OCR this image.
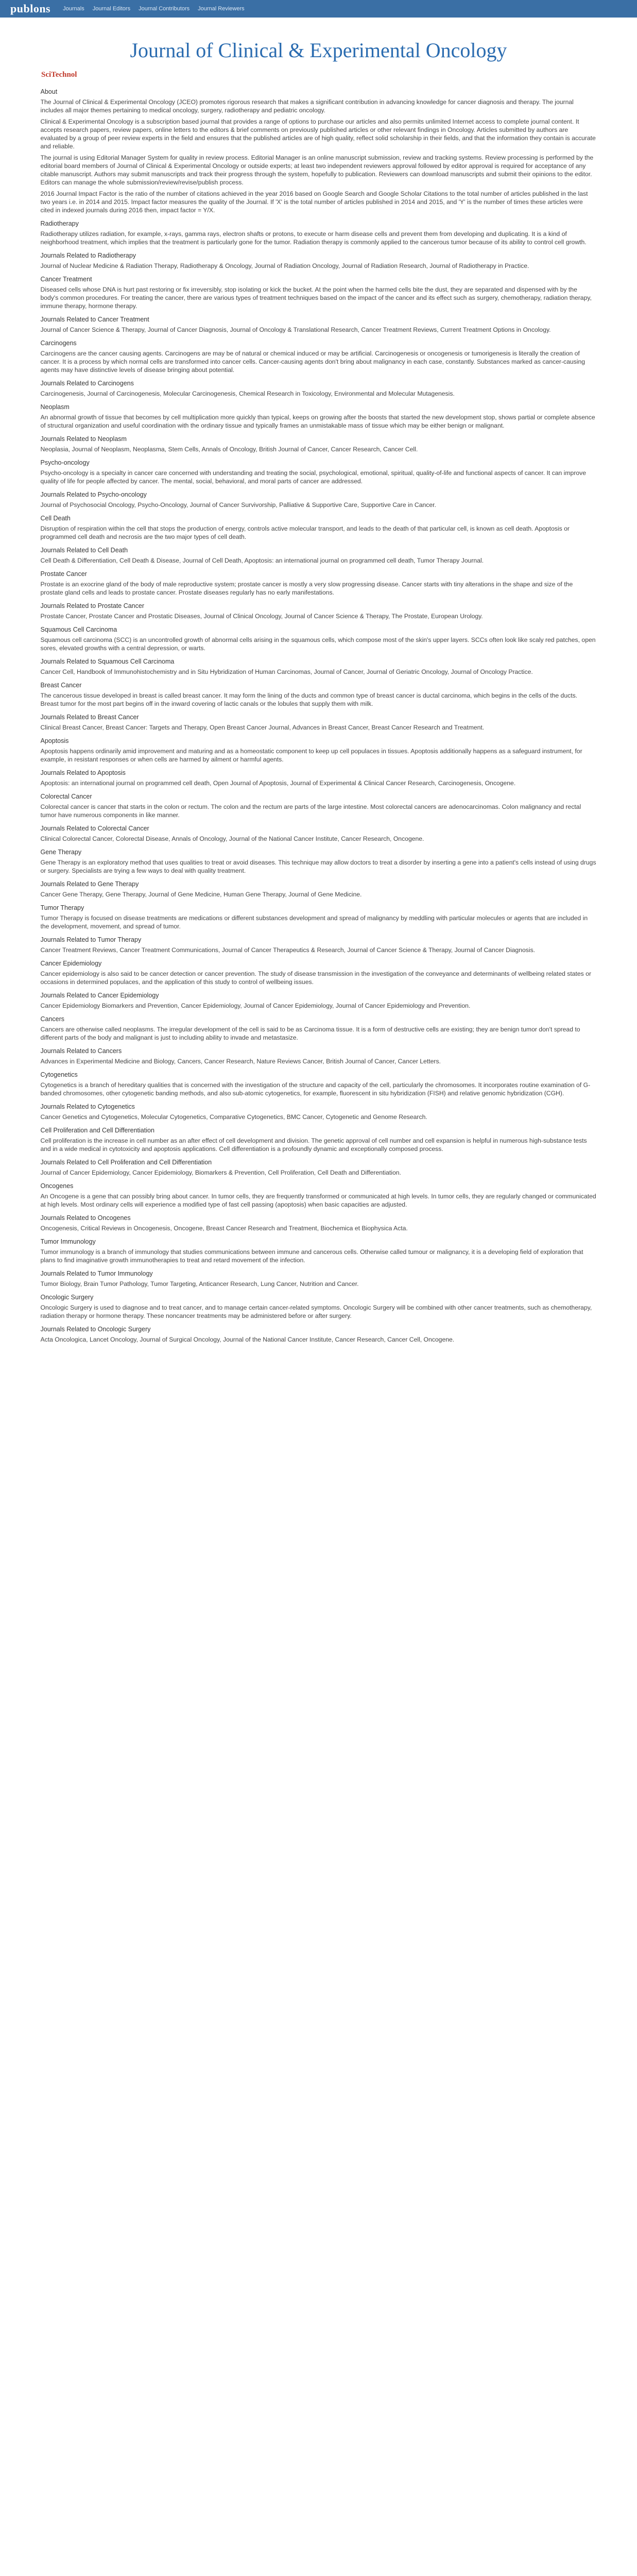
publons Journals Journal Editors Journal Contributors Journal Reviewers
Journal of Clinical & Experimental Oncology
SciTechnol
About

The Journal of Clinical & Experimental Oncology (JCEO) promotes rigorous research that makes a significant contribution in advancing knowledge for cancer diagnosis and therapy. The journal includes all major themes pertaining to medical oncology, surgery, radiotherapy and pediatric oncology.

Clinical & Experimental Oncology is a subscription based journal that provides a range of options to purchase our articles and also permits unlimited Internet access to complete journal content. It accepts research papers, review papers, online letters to the editors & brief comments on previously published articles or other relevant findings in Oncology. Articles submitted by authors are evaluated by a group of peer review experts in the field and ensures that the published articles are of high quality, reflect solid scholarship in their fields, and that the information they contain is accurate and reliable.

The journal is using Editorial Manager System for quality in review process. Editorial Manager is an online manuscript submission, review and tracking systems. Review processing is performed by the editorial board members of Journal of Clinical & Experimental Oncology or outside experts; at least two independent reviewers approval followed by editor approval is required for acceptance of any citable manuscript. Authors may submit manuscripts and track their progress through the system, hopefully to publication. Reviewers can download manuscripts and submit their opinions to the editor. Editors can manage the whole submission/review/revise/publish process.

2016 Journal Impact Factor is the ratio of the number of citations achieved in the year 2016 based on Google Search and Google Scholar Citations to the total number of articles published in the last two years i.e. in 2014 and 2015. Impact factor measures the quality of the Journal. If 'X' is the total number of articles published in 2014 and 2015, and 'Y' is the number of times these articles were cited in indexed journals during 2016 then, impact factor = Y/X.

Radiotherapy

Radiotherapy utilizes radiation, for example, x-rays, gamma rays, electron shafts or protons, to execute or harm disease cells and prevent them from developing and duplicating. It is a kind of neighborhood treatment, which implies that the treatment is particularly gone for the tumor. Radiation therapy is commonly applied to the cancerous tumor because of its ability to control cell growth.

Journals Related to Radiotherapy

Journal of Nuclear Medicine & Radiation Therapy, Radiotherapy & Oncology, Journal of Radiation Oncology, Journal of Radiation Research, Journal of Radiotherapy in Practice.

Cancer Treatment

Diseased cells whose DNA is hurt past restoring or fix irreversibly, stop isolating or kick the bucket. At the point when the harmed cells bite the dust, they are separated and dispensed with by the body's common procedures. For treating the cancer, there are various types of treatment techniques based on the impact of the cancer and its effect such as surgery, chemotherapy, radiation therapy, immune therapy, hormone therapy.

Journals Related to Cancer Treatment

Journal of Cancer Science & Therapy, Journal of Cancer Diagnosis, Journal of Oncology & Translational Research, Cancer Treatment Reviews, Current Treatment Options in Oncology.

Carcinogens

Carcinogens are the cancer causing agents. Carcinogens are may be of natural or chemical induced or may be artificial. Carcinogenesis or oncogenesis or tumorigenesis is literally the creation of cancer. It is a process by which normal cells are transformed into cancer cells. Cancer-causing agents don't bring about malignancy in each case, constantly. Substances marked as cancer-causing agents may have distinctive levels of disease bringing about potential.

Journals Related to Carcinogens

Carcinogenesis, Journal of Carcinogenesis, Molecular Carcinogenesis, Chemical Research in Toxicology, Environmental and Molecular Mutagenesis.

Neoplasm

An abnormal growth of tissue that becomes by cell multiplication more quickly than typical, keeps on growing after the boosts that started the new development stop, shows partial or complete absence of structural organization and useful coordination with the ordinary tissue and typically frames an unmistakable mass of tissue which may be either benign or malignant.

Journals Related to Neoplasm

Neoplasia, Journal of Neoplasm, Neoplasma, Stem Cells, Annals of Oncology, British Journal of Cancer, Cancer Research, Cancer Cell.

Psycho-oncology

Psycho-oncology is a specialty in cancer care concerned with understanding and treating the social, psychological, emotional, spiritual, quality-of-life and functional aspects of cancer. It can improve quality of life for people affected by cancer. The mental, social, behavioral, and moral parts of cancer are addressed.

Journals Related to Psycho-oncology

Journal of Psychosocial Oncology, Psycho-Oncology, Journal of Cancer Survivorship, Palliative & Supportive Care, Supportive Care in Cancer.

Cell Death

Disruption of respiration within the cell that stops the production of energy, controls active molecular transport, and leads to the death of that particular cell, is known as cell death. Apoptosis or programmed cell death and necrosis are the two major types of cell death.

Journals Related to Cell Death

Cell Death & Differentiation, Cell Death & Disease, Journal of Cell Death, Apoptosis: an international journal on programmed cell death, Tumor Therapy Journal.

Prostate Cancer

Prostate is an exocrine gland of the body of male reproductive system; prostate cancer is mostly a very slow progressing disease. Cancer starts with tiny alterations in the shape and size of the prostate gland cells and leads to prostate cancer. Prostate diseases regularly has no early manifestations.

Journals Related to Prostate Cancer

Prostate Cancer, Prostate Cancer and Prostatic Diseases, Journal of Clinical Oncology, Journal of Cancer Science & Therapy, The Prostate, European Urology.

Squamous Cell Carcinoma

Squamous cell carcinoma (SCC) is an uncontrolled growth of abnormal cells arising in the squamous cells, which compose most of the skin's upper layers. SCCs often look like scaly red patches, open sores, elevated growths with a central depression, or warts.

Journals Related to Squamous Cell Carcinoma

Cancer Cell, Handbook of Immunohistochemistry and in Situ Hybridization of Human Carcinomas, Journal of Cancer, Journal of Geriatric Oncology, Journal of Oncology Practice.

Breast Cancer

The cancerous tissue developed in breast is called breast cancer. It may form the lining of the ducts and common type of breast cancer is ductal carcinoma, which begins in the cells of the ducts. Breast tumor for the most part begins off in the inward covering of lactic canals or the lobules that supply them with milk.

Journals Related to Breast Cancer

Clinical Breast Cancer, Breast Cancer: Targets and Therapy, Open Breast Cancer Journal, Advances in Breast Cancer, Breast Cancer Research and Treatment.

Apoptosis

Apoptosis happens ordinarily amid improvement and maturing and as a homeostatic component to keep up cell populaces in tissues. Apoptosis additionally happens as a safeguard instrument, for example, in resistant responses or when cells are harmed by ailment or harmful agents.

Journals Related to Apoptosis

Apoptosis: an international journal on programmed cell death, Open Journal of Apoptosis, Journal of Experimental & Clinical Cancer Research, Carcinogenesis, Oncogene.

Colorectal Cancer

Colorectal cancer is cancer that starts in the colon or rectum. The colon and the rectum are parts of the large intestine. Most colorectal cancers are adenocarcinomas. Colon malignancy and rectal tumor have numerous components in like manner.

Journals Related to Colorectal Cancer

Clinical Colorectal Cancer, Colorectal Disease, Annals of Oncology, Journal of the National Cancer Institute, Cancer Research, Oncogene.

Gene Therapy

Gene Therapy is an exploratory method that uses qualities to treat or avoid diseases. This technique may allow doctors to treat a disorder by inserting a gene into a patient's cells instead of using drugs or surgery. Specialists are trying a few ways to deal with quality treatment.

Journals Related to Gene Therapy

Cancer Gene Therapy, Gene Therapy, Journal of Gene Medicine, Human Gene Therapy, Journal of Gene Medicine.

Tumor Therapy

Tumor Therapy is focused on disease treatments are medications or different substances development and spread of malignancy by meddling with particular molecules or agents that are included in the development, movement, and spread of tumor.

Journals Related to Tumor Therapy

Cancer Treatment Reviews, Cancer Treatment Communications, Journal of Cancer Therapeutics & Research, Journal of Cancer Science & Therapy, Journal of Cancer Diagnosis.

Cancer Epidemiology

Cancer epidemiology is also said to be cancer detection or cancer prevention. The study of disease transmission in the investigation of the conveyance and determinants of wellbeing related states or occasions in determined populaces, and the application of this study to control of wellbeing issues.

Journals Related to Cancer Epidemiology

Cancer Epidemiology Biomarkers and Prevention, Cancer Epidemiology, Journal of Cancer Epidemiology, Journal of Cancer Epidemiology and Prevention.

Cancers

Cancers are otherwise called neoplasms. The irregular development of the cell is said to be as Carcinoma tissue. It is a form of destructive cells are existing; they are benign tumor don't spread to different parts of the body and malignant is just to including ability to invade and metastasize.

Journals Related to Cancers

Advances in Experimental Medicine and Biology, Cancers, Cancer Research, Nature Reviews Cancer, British Journal of Cancer, Cancer Letters.

Cytogenetics

Cytogenetics is a branch of hereditary qualities that is concerned with the investigation of the structure and capacity of the cell, particularly the chromosomes. It incorporates routine examination of G-banded chromosomes, other cytogenetic banding methods, and also sub-atomic cytogenetics, for example, fluorescent in situ hybridization (FISH) and relative genomic hybridization (CGH).

Journals Related to Cytogenetics

Cancer Genetics and Cytogenetics, Molecular Cytogenetics, Comparative Cytogenetics, BMC Cancer, Cytogenetic and Genome Research.

Cell Proliferation and Cell Differentiation

Cell proliferation is the increase in cell number as an after effect of cell development and division. The genetic approval of cell number and cell expansion is helpful in numerous high-substance tests and in a wide medical in cytotoxicity and apoptosis applications. Cell differentiation is a profoundly dynamic and exceptionally composed process.

Journals Related to Cell Proliferation and Cell Differentiation

Journal of Cancer Epidemiology, Cancer Epidemiology, Biomarkers & Prevention, Cell Proliferation, Cell Death and Differentiation.

Oncogenes

An Oncogene is a gene that can possibly bring about cancer. In tumor cells, they are frequently transformed or communicated at high levels. In tumor cells, they are regularly changed or communicated at high levels. Most ordinary cells will experience a modified type of fast cell passing (apoptosis) when basic capacities are adjusted.

Journals Related to Oncogenes

Oncogenesis, Critical Reviews in Oncogenesis, Oncogene, Breast Cancer Research and Treatment, Biochemica et Biophysica Acta.

Tumor Immunology

Tumor immunology is a branch of immunology that studies communications between immune and cancerous cells. Otherwise called tumour or malignancy, it is a developing field of exploration that plans to find imaginative growth immunotherapies to treat and retard movement of the infection.

Journals Related to Tumor Immunology

Tumor Biology, Brain Tumor Pathology, Tumor Targeting, Anticancer Research, Lung Cancer, Nutrition and Cancer.

Oncologic Surgery

Oncologic Surgery is used to diagnose and to treat cancer, and to manage certain cancer-related symptoms. Oncologic Surgery will be combined with other cancer treatments, such as chemotherapy, radiation therapy or hormone therapy. These noncancer treatments may be administered before or after surgery.

Journals Related to Oncologic Surgery

Acta Oncologica, Lancet Oncology, Journal of Surgical Oncology, Journal of the National Cancer Institute, Cancer Research, Cancer Cell, Oncogene.
